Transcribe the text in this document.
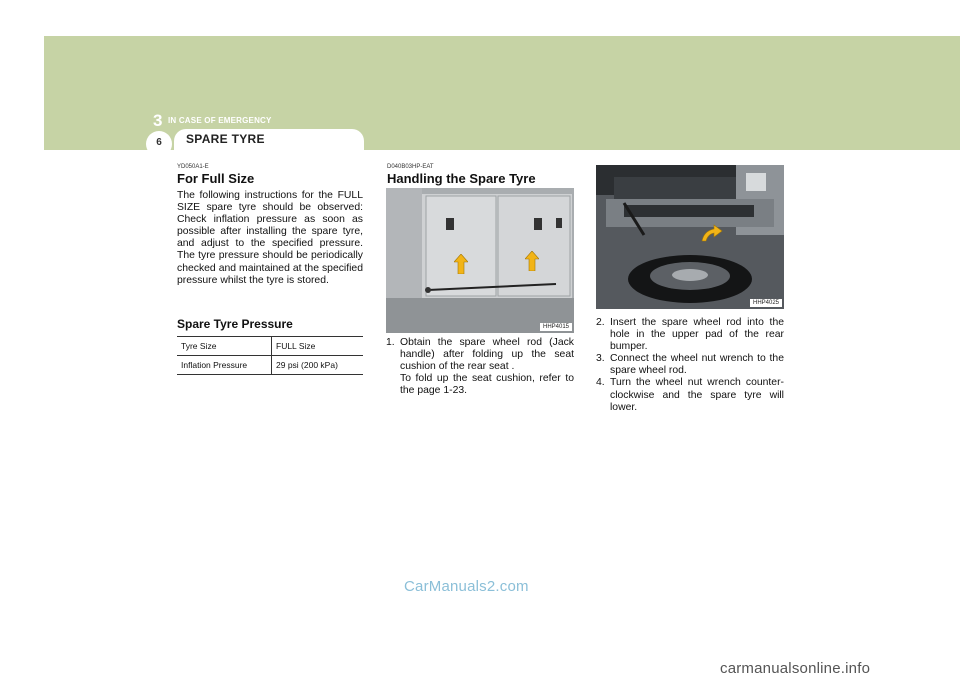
3 IN CASE OF EMERGENCY
6	SPARE TYRE
YD050A1-E
For Full Size
The following instructions for the FULL SIZE spare tyre should be observed: Check inflation pressure as soon as possible after installing the spare tyre, and adjust to the specified pressure. The tyre pressure should be periodically checked and maintained at the specified pressure whilst the tyre is stored.
Spare Tyre Pressure
Tyre Size	FULL Size
Inflation Pressure	29 psi (200 kPa)
D040B03HP-EAT
Handling the Spare Tyre
HHP4015
1. Obtain the spare wheel rod (Jack handle) after folding up the seat cushion of the rear seat .
To fold up the seat cushion, refer to the page 1-23.
HHP4025
2. Insert the spare wheel rod into the hole in the upper pad of the rear bumper.
3. Connect the wheel nut wrench to the spare wheel rod.
4. Turn the wheel nut wrench counter-clockwise and the spare tyre will lower.
CarManuals2.com
carmanualsonline.info
